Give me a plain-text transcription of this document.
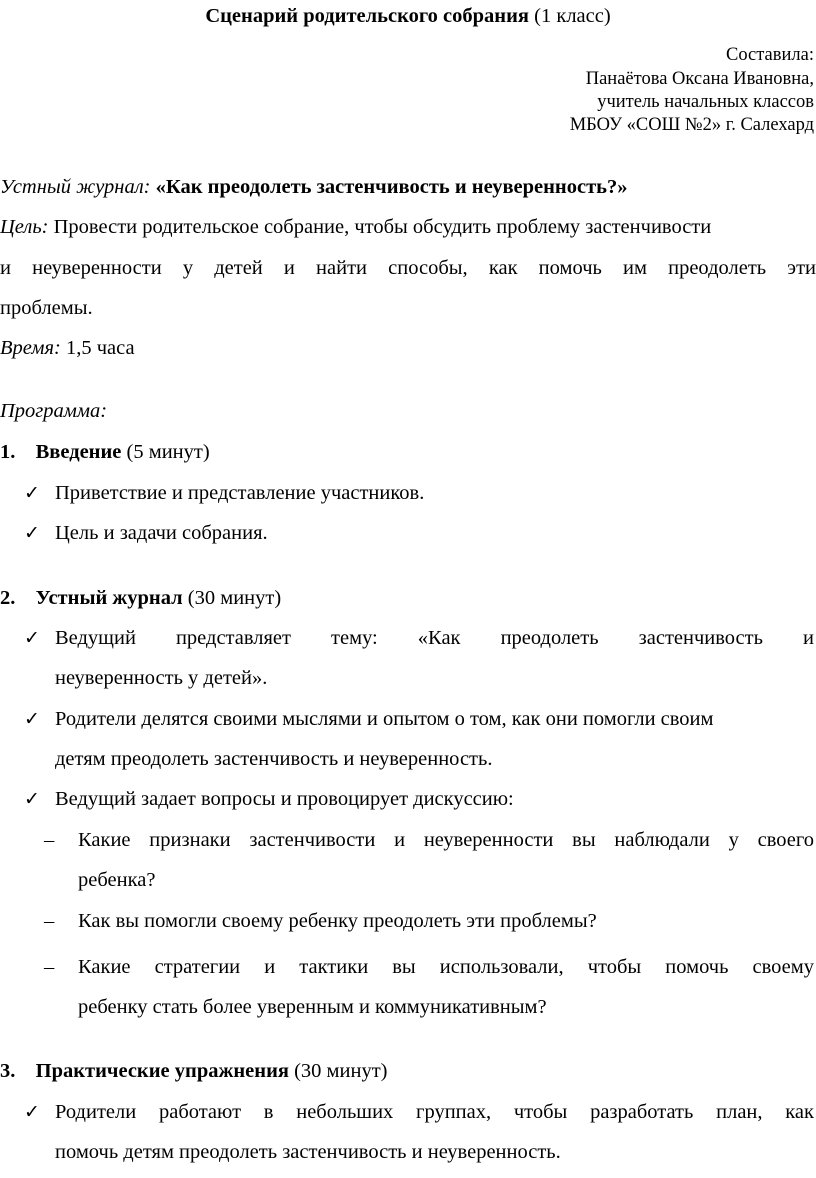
Сценарий родительского собрания (1 класс)
Составила:
Панаётова Оксана Ивановна,
учитель начальных классов
МБОУ «СОШ №2» г. Салехард
Устный журнал: «Как преодолеть застенчивость и неуверенность?»
Цель: Провести родительское собрание, чтобы обсудить проблему застенчивости
и неуверенности у детей и найти способы, как помочь им преодолеть эти
проблемы.
Время: 1,5 часа
Программа:
1. Введение (5 минут)
✓ Приветствие и представление участников.
✓ Цель и задачи собрания.
2. Устный журнал (30 минут)
✓ Ведущий представляет тему: «Как преодолеть застенчивость и
неуверенность у детей».
✓ Родители делятся своими мыслями и опытом о том, как они помогли своим
детям преодолеть застенчивость и неуверенность.
✓ Ведущий задает вопросы и провоцирует дискуссию:
– Какие признаки застенчивости и неуверенности вы наблюдали у своего
ребенка?
– Как вы помогли своему ребенку преодолеть эти проблемы?
– Какие стратегии и тактики вы использовали, чтобы помочь своему
ребенку стать более уверенным и коммуникативным?
3. Практические упражнения (30 минут)
✓ Родители работают в небольших группах, чтобы разработать план, как
помочь детям преодолеть застенчивость и неуверенность.
